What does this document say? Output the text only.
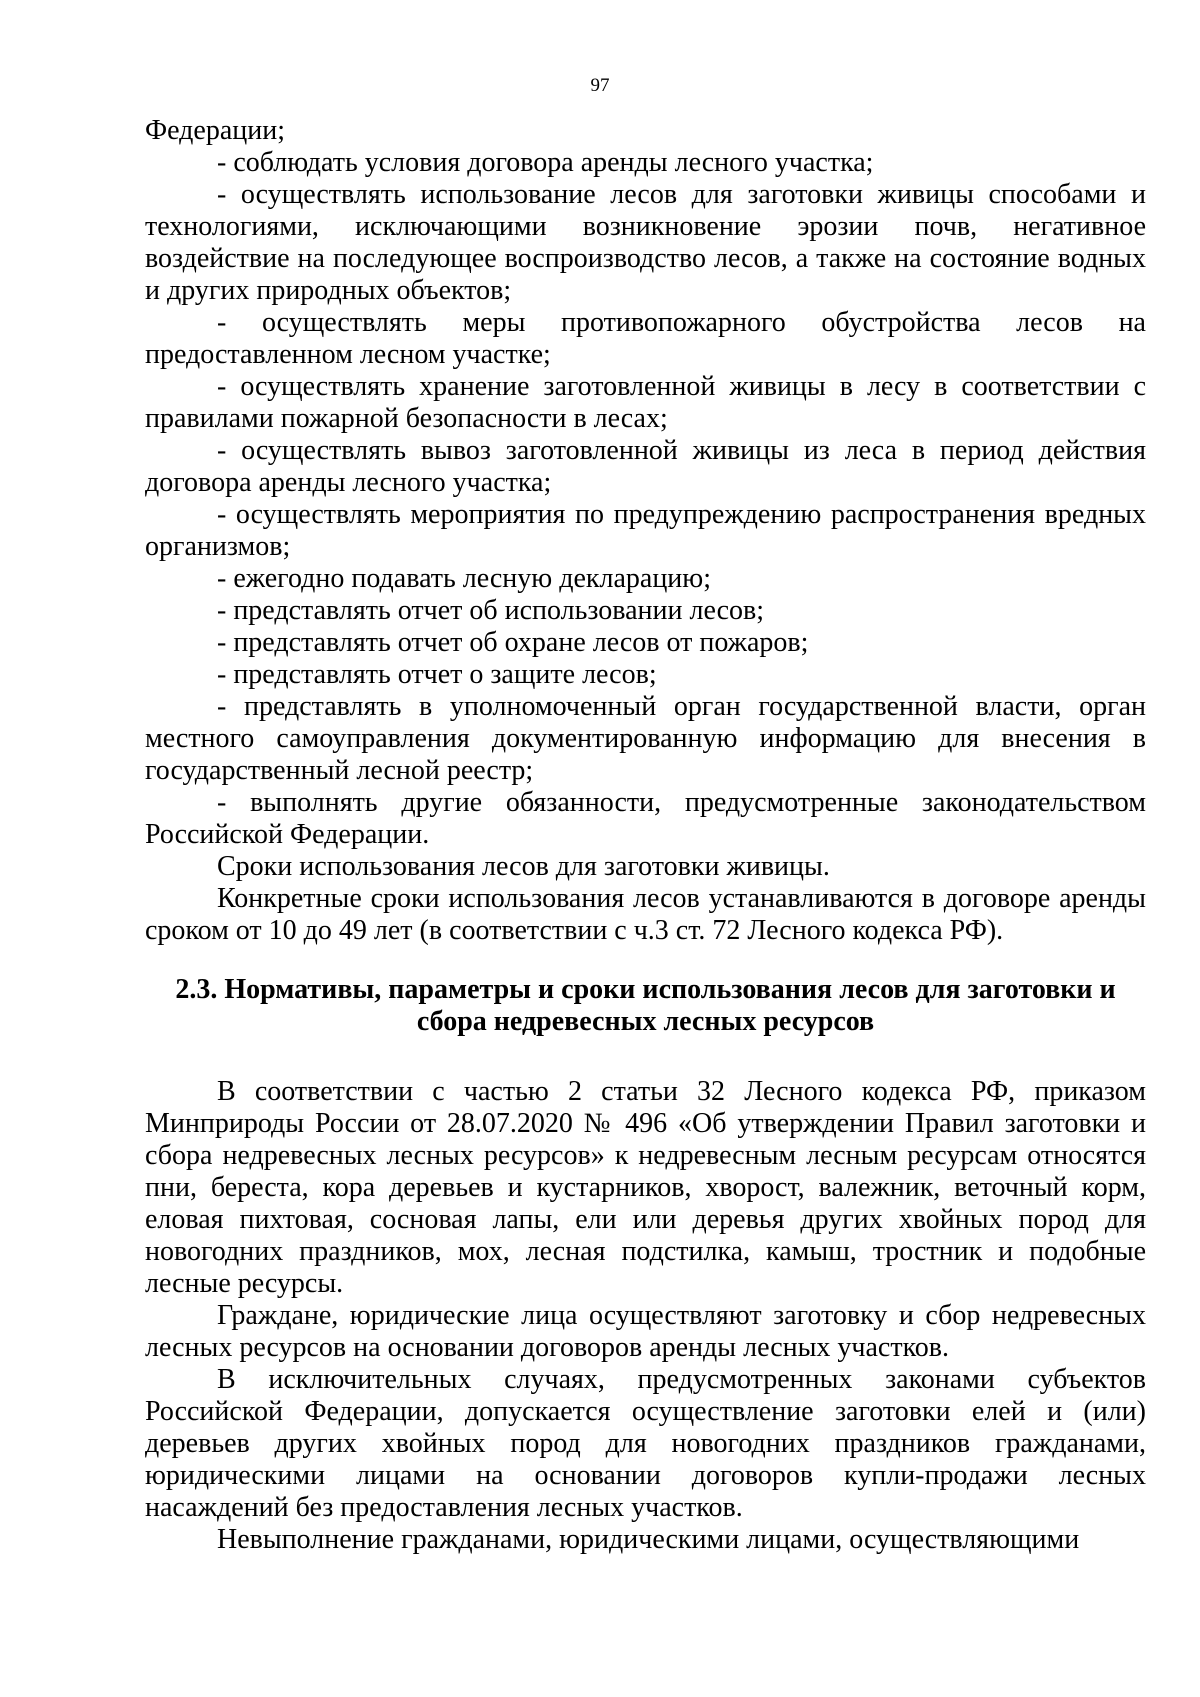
97

Федерации;

- соблюдать условия договора аренды лесного участка;

- осуществлять использование лесов для заготовки живицы способами и технологиями, исключающими возникновение эрозии почв, негативное воздействие на последующее воспроизводство лесов, а также на состояние водных и других природных объектов;

- осуществлять меры противопожарного обустройства лесов на предоставленном лесном участке;

- осуществлять хранение заготовленной живицы в лесу в соответствии с правилами пожарной безопасности в лесах;

- осуществлять вывоз заготовленной живицы из леса в период действия договора аренды лесного участка;

- осуществлять мероприятия по предупреждению распространения вредных организмов;

- ежегодно подавать лесную декларацию;

- представлять отчет об использовании лесов;

- представлять отчет об охране лесов от пожаров;

- представлять отчет о защите лесов;

- представлять в уполномоченный орган государственной власти, орган местного самоуправления документированную информацию для внесения в государственный лесной реестр;

- выполнять другие обязанности, предусмотренные законодательством Российской Федерации.

Сроки использования лесов для заготовки живицы.

Конкретные сроки использования лесов устанавливаются в договоре аренды сроком от 10 до 49 лет (в соответствии с ч.3 ст. 72 Лесного кодекса РФ).

2.3. Нормативы, параметры и сроки использования лесов для заготовки и
сбора недревесных лесных ресурсов

В соответствии с частью 2 статьи 32 Лесного кодекса РФ, приказом Минприроды России от 28.07.2020 № 496 «Об утверждении Правил заготовки и сбора недревесных лесных ресурсов» к недревесным лесным ресурсам относятся пни, береста, кора деревьев и кустарников, хворост, валежник, веточный корм, еловая пихтовая, сосновая лапы, ели или деревья других хвойных пород для новогодних праздников, мох, лесная подстилка, камыш, тростник и подобные лесные ресурсы.

Граждане, юридические лица осуществляют заготовку и сбор недревесных лесных ресурсов на основании договоров аренды лесных участков.

В исключительных случаях, предусмотренных законами субъектов Российской Федерации, допускается осуществление заготовки елей и (или) деревьев других хвойных пород для новогодних праздников гражданами, юридическими лицами на основании договоров купли-продажи лесных насаждений без предоставления лесных участков.

Невыполнение гражданами, юридическими лицами, осуществляющими
